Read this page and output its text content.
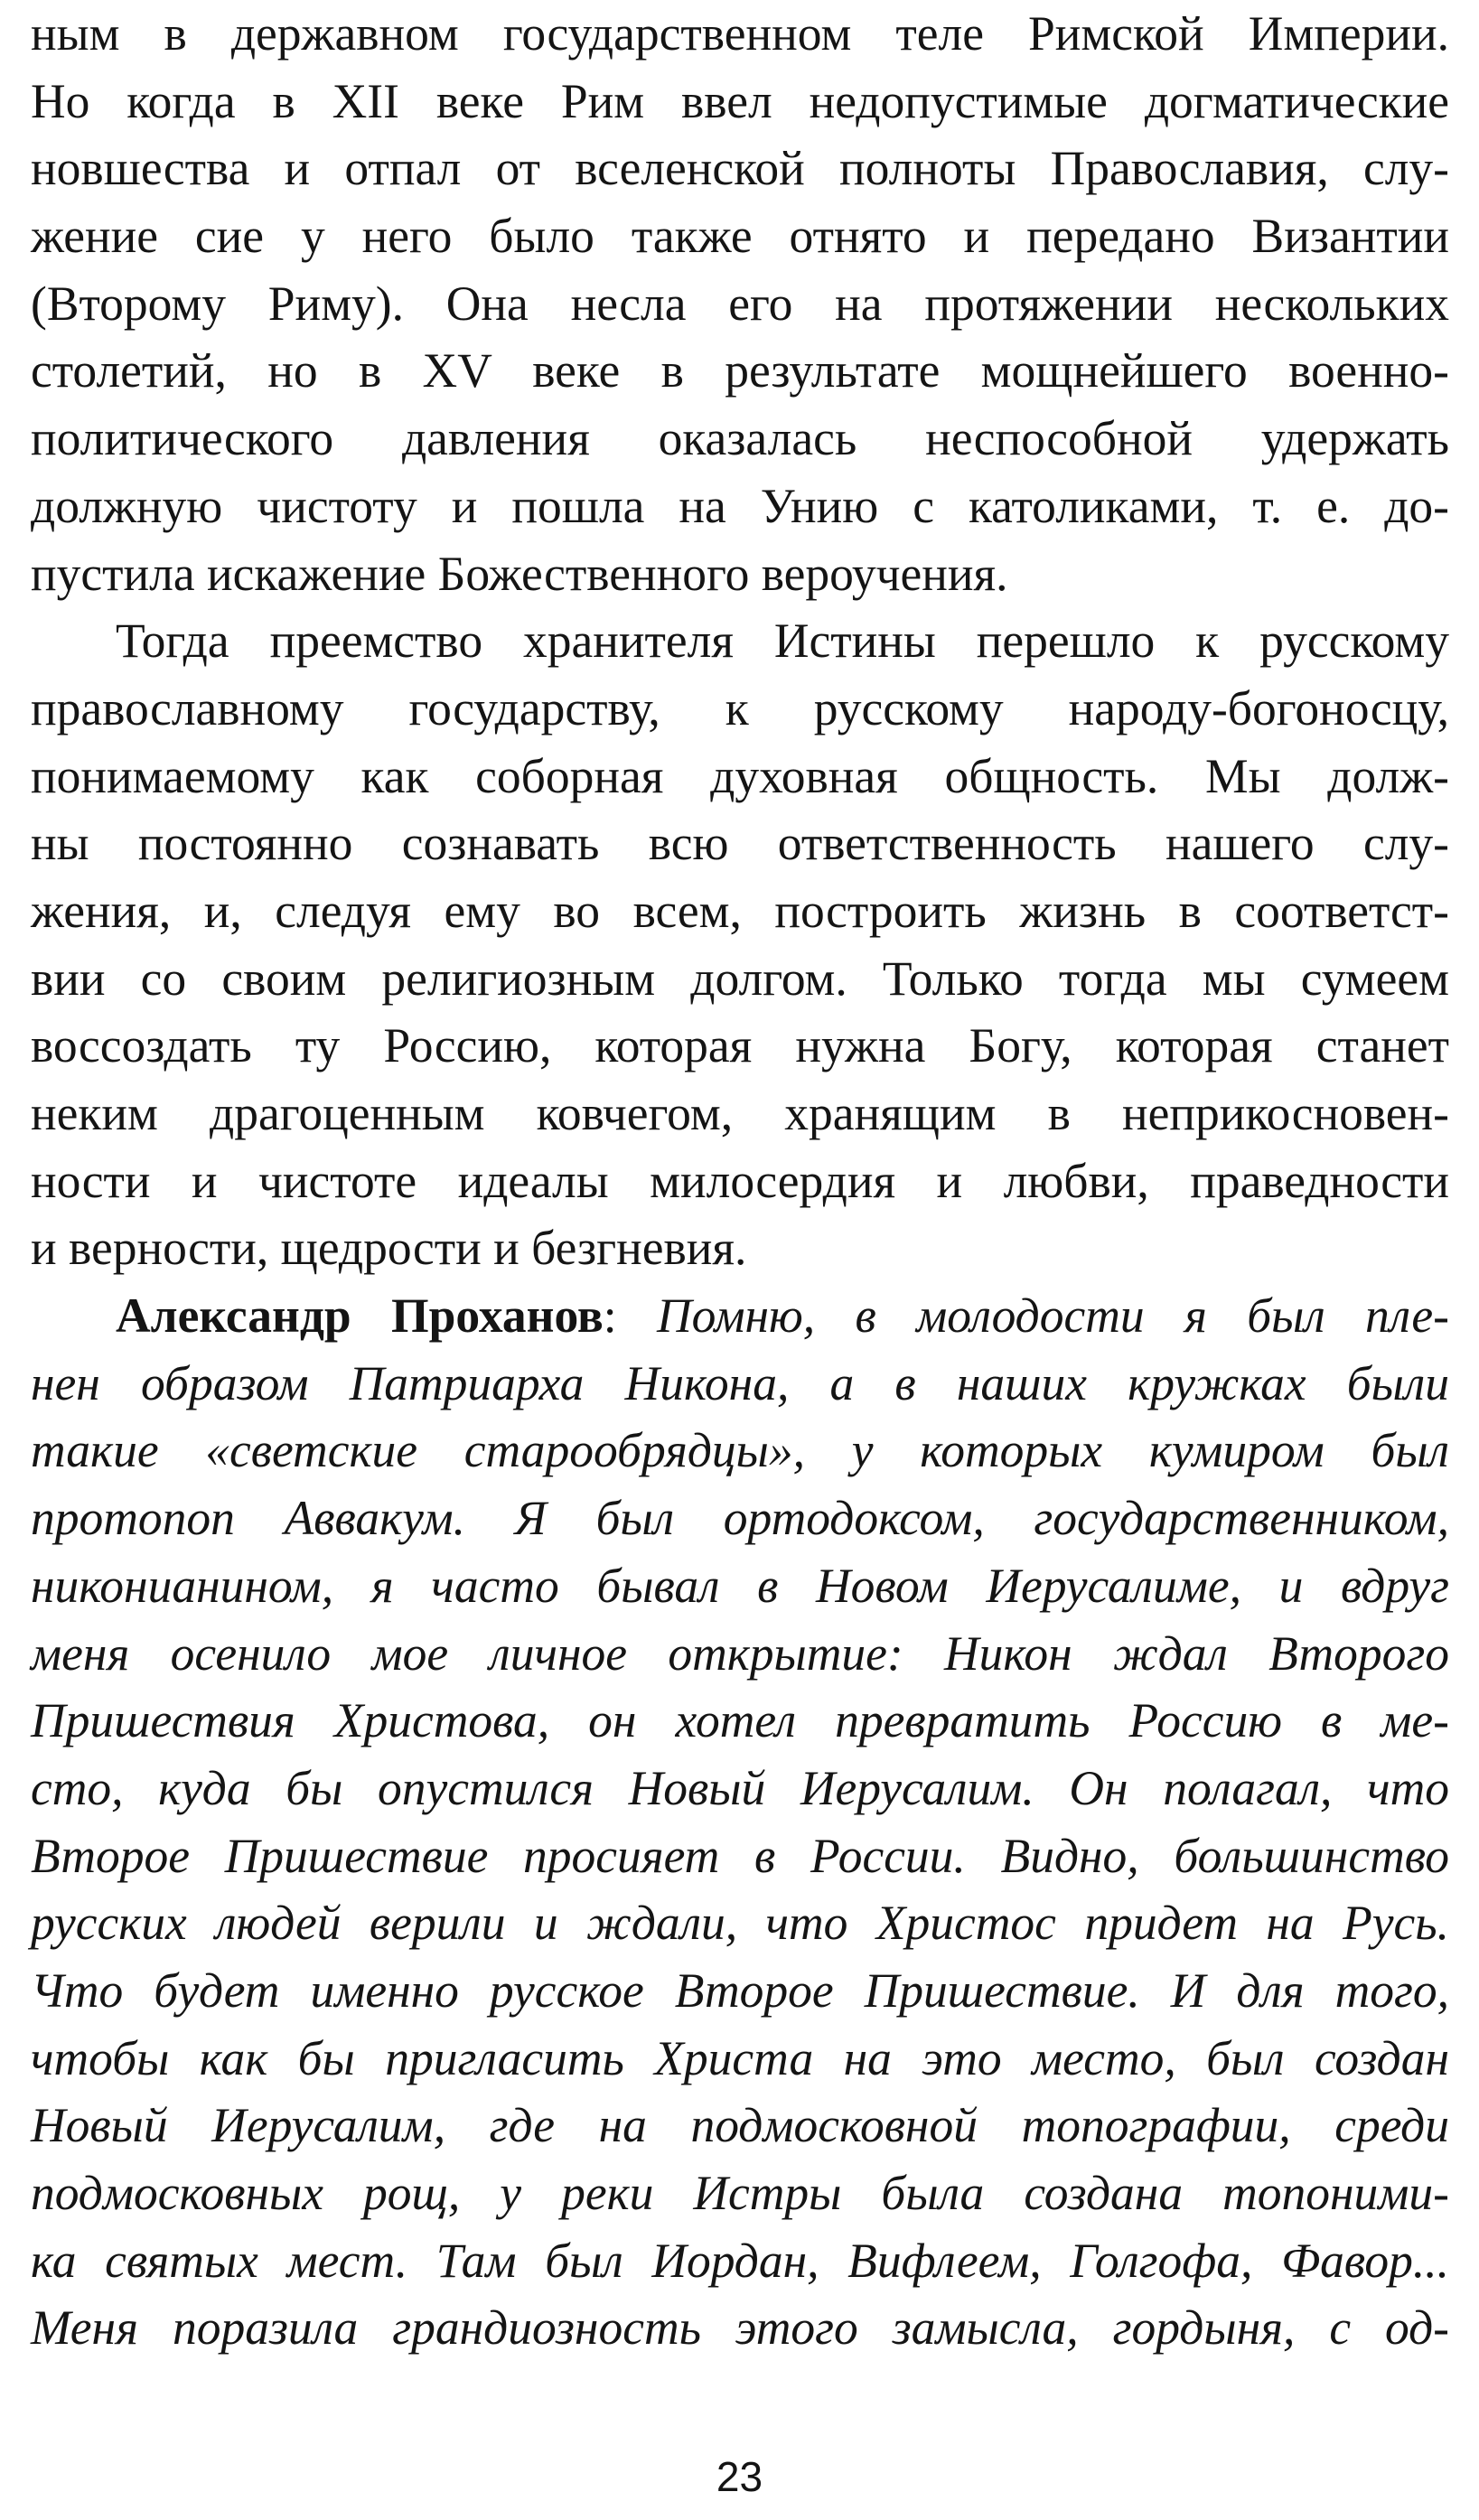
ным в державном государственном теле Римской Империи.
Но когда в XII веке Рим ввел недопустимые догматические
новшества и отпал от вселенской полноты Православия, слу-
жение сие у него было также отнято и передано Византии
(Второму Риму). Она несла его на протяжении нескольких
столетий, но в XV веке в результате мощнейшего военно-
политического давления оказалась неспособной удержать
должную чистоту и пошла на Унию с католиками, т. е. до-
пустила искажение Божественного вероучения.
Тогда преемство хранителя Истины перешло к русскому
православному государству, к русскому народу-богоносцу,
понимаемому как соборная духовная общность. Мы долж-
ны постоянно сознавать всю ответственность нашего слу-
жения, и, следуя ему во всем, построить жизнь в соответст-
вии со своим религиозным долгом. Только тогда мы сумеем
воссоздать ту Россию, которая нужна Богу, которая станет
неким драгоценным ковчегом, хранящим в неприкосновен-
ности и чистоте идеалы милосердия и любви, праведности
и верности, щедрости и безгневия.
Александр Проханов: Помню, в молодости я был пле-
нен образом Патриарха Никона, а в наших кружках были
такие «светские старообрядцы», у которых кумиром был
протопоп Аввакум. Я был ортодоксом, государственником,
никонианином, я часто бывал в Новом Иерусалиме, и вдруг
меня осенило мое личное открытие: Никон ждал Второго
Пришествия Христова, он хотел превратить Россию в ме-
сто, куда бы опустился Новый Иерусалим. Он полагал, что
Второе Пришествие просияет в России. Видно, большинство
русских людей верили и ждали, что Христос придет на Русь.
Что будет именно русское Второе Пришествие. И для того,
чтобы как бы пригласить Христа на это место, был создан
Новый Иерусалим, где на подмосковной топографии, среди
подмосковных рощ, у реки Истры была создана топоними-
ка святых мест. Там был Иордан, Вифлеем, Голгофа, Фавор...
Меня поразила грандиозность этого замысла, гордыня, с од-
23
